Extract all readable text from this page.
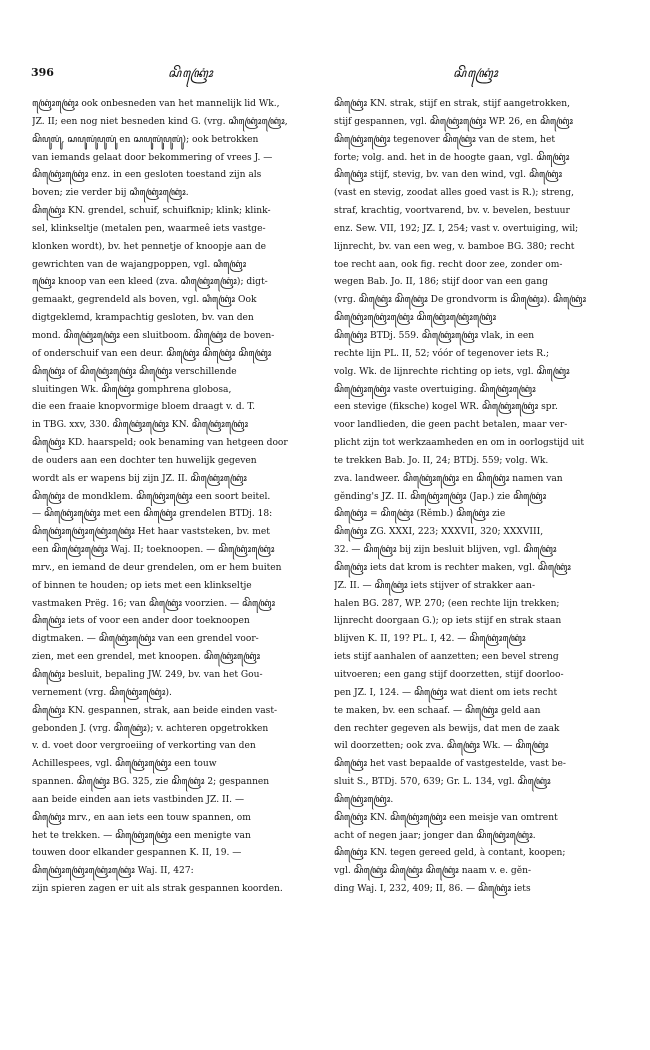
396	ꦱꦼꦏꦿꦺꦴꦁ	ꦱꦼꦏꦿꦺꦴꦁ
ꦏꦿꦺꦴꦁꦏꦿꦺꦴꦁ ook onbesneden van het mannelijk lid Wk.,
JZ. II; een nog niet besneden kind G. (vrg. ꦱꦶꦏꦿꦺꦴꦁꦏꦿꦺꦴꦁ,
ꦱꦼꦥꦸꦭꦸꦁ, ꦱꦥꦸꦭꦸꦁꦥꦸꦭꦸꦁ en ꦱꦥꦸꦭꦸꦁꦥꦸꦭꦸꦁ); ook betrokken
van iemands gelaat door bekommering of vrees J. —
ꦱꦼꦏꦿꦺꦴꦁꦏꦿꦺꦴꦁ enz. in een gesloten toestand zijn als
boven; zie verder bij ꦱꦶꦏꦿꦺꦴꦁꦏꦿꦺꦴꦁ.
ꦱꦼꦏꦿꦺꦴꦁ KN. grendel, schuif, schuifknip; klink; klink-
sel, klinkseltje (metalen pen, waarmeê iets vastge-
klonken wordt), bv. het pennetje of knoopje aan de
gewrichten van de wajangpoppen, vgl. ꦱꦶꦏꦿꦺꦴꦁ
ꦏꦿꦺꦴꦁ knoop van een kleed (zva. ꦱꦶꦏꦿꦺꦴꦁꦏꦿꦺꦴꦁ); digt-
gemaakt, gegrendeld als boven, vgl. ꦱꦶꦏꦿꦺꦴꦁ Ook
digtgeklemd, krampachtig gesloten, bv. van den
mond. ꦱꦼꦏꦿꦺꦴꦁꦏꦿꦺꦴꦁ een sluitboom. ꦱꦼꦏꦿꦺꦴꦁ de boven-
of onderschuif van een deur. ꦱꦼꦏꦿꦺꦴꦁ ꦱꦼꦏꦿꦺꦴꦁ ꦱꦼꦏꦿꦺꦴꦁ
ꦱꦼꦏꦿꦺꦴꦁ of ꦱꦼꦏꦿꦺꦴꦁꦏꦿꦺꦴꦁ ꦱꦼꦏꦿꦺꦴꦁ verschillende
sluitingen Wk. ꦱꦼꦏꦿꦺꦴꦁ gomphrena globosa,
die een fraaie knopvormige bloem draagt v. d. T.
in TBG. xxv, 330. ꦱꦼꦏꦿꦺꦴꦁꦏꦿꦺꦴꦁ KN. ꦱꦼꦏꦿꦺꦴꦁꦏꦿꦺꦴꦁ
ꦱꦼꦏꦿꦺꦴꦁ KD. haarspeld; ook benaming van hetgeen door
de ouders aan een dochter ten huwelijk gegeven
wordt als er wapens bij zijn JZ. II. ꦱꦼꦏꦿꦺꦴꦁꦏꦿꦺꦴꦁ
ꦱꦼꦏꦿꦺꦴꦁ de mondklem. ꦱꦼꦏꦿꦺꦴꦁꦏꦿꦺꦴꦁ een soort beitel.
— ꦱꦼꦏꦿꦺꦴꦁꦏꦿꦺꦴꦁ met een ꦱꦼꦏꦿꦺꦴꦁ grendelen BTDj. 18:
ꦱꦼꦏꦿꦺꦴꦁꦏꦿꦺꦴꦁꦏꦿꦺꦴꦁꦏꦿꦺꦴꦁ Het haar vaststeken, bv. met
een ꦱꦼꦏꦿꦺꦴꦁꦏꦿꦺꦴꦁ Waj. II; toeknoopen. — ꦱꦼꦏꦿꦺꦴꦁꦏꦿꦺꦴꦁ
mrv., en iemand de deur grendelen, om er hem buiten
of binnen te houden; op iets met een klinkseltje
vastmaken Prëg. 16; van ꦱꦼꦏꦿꦺꦴꦁ voorzien. — ꦱꦼꦏꦿꦺꦴꦁ
ꦱꦼꦏꦿꦺꦴꦁ iets of voor een ander door toeknoopen
digtmaken. — ꦱꦼꦏꦿꦺꦴꦁꦏꦿꦺꦴꦁ van een grendel voor-
zien, met een grendel, met knoopen. ꦱꦼꦏꦿꦺꦴꦁꦏꦿꦺꦴꦁ
ꦱꦼꦏꦿꦺꦴꦁ besluit, bepaling JW. 249, bv. van het Gou-
vernement (vrg. ꦱꦼꦏꦿꦺꦴꦁꦏꦿꦺꦴꦁ).
ꦱꦼꦏꦿꦺꦴꦁ KN. gespannen, strak, aan beide einden vast-
gebonden J. (vrg. ꦱꦼꦏꦿꦺꦴꦁ); v. achteren opgetrokken
v. d. voet door vergroeiing of verkorting van den
Achillespees, vgl. ꦱꦼꦏꦿꦺꦴꦁꦏꦿꦺꦴꦁ een touw
spannen. ꦱꦼꦏꦿꦺꦴꦁ BG. 325, zie ꦱꦼꦏꦿꦺꦴꦁ 2; gespannen
aan beide einden aan iets vastbinden JZ. II. —
ꦱꦼꦏꦿꦺꦴꦁ mrv., en aan iets een touw spannen, om
het te trekken. — ꦱꦼꦏꦿꦺꦴꦁꦏꦿꦺꦴꦁ een menigte van
touwen door elkander gespannen K. II, 19. —
ꦱꦼꦏꦿꦺꦴꦁꦏꦿꦺꦴꦁꦏꦿꦺꦴꦁꦏꦿꦺꦴꦁ Waj. II, 427:
zijn spieren zagen er uit als strak gespannen koorden.
ꦱꦼꦏꦿꦺꦴꦁ KN. strak, stijf en strak, stijf aangetrokken,
stijf gespannen, vgl. ꦱꦼꦏꦿꦺꦴꦁꦏꦿꦺꦴꦁ WP. 26, en ꦱꦼꦏꦿꦺꦴꦁ
ꦱꦼꦏꦿꦺꦴꦁꦏꦿꦺꦴꦁ tegenover ꦱꦼꦏꦿꦺꦴꦁ van de stem, het
forte; volg. and. het in de hoogte gaan, vgl. ꦱꦼꦏꦿꦺꦴꦁ
ꦱꦼꦏꦿꦺꦴꦁ stijf, stevig, bv. van den wind, vgl. ꦱꦼꦏꦿꦺꦴꦁ
(vast en stevig, zoodat alles goed vast is R.); streng,
straf, krachtig, voortvarend, bv. v. bevelen, bestuur
enz. Sew. VII, 192; JZ. I, 254; vast v. overtuiging, wil;
lijnrecht, bv. van een weg, v. bamboe BG. 380; recht
toe recht aan, ook fig. recht door zee, zonder om-
wegen Bab. Jo. II, 186; stijf door van een gang
(vrg. ꦱꦼꦏꦿꦺꦴꦁ ꦱꦼꦏꦿꦺꦴꦁ De grondvorm is ꦱꦼꦏꦿꦺꦴꦁ). ꦱꦼꦏꦿꦺꦴꦁ
ꦱꦼꦏꦿꦺꦴꦁꦏꦿꦺꦴꦁꦏꦿꦺꦴꦁ ꦱꦼꦏꦿꦺꦴꦁꦏꦿꦺꦴꦁꦏꦿꦺꦴꦁ
ꦱꦼꦏꦿꦺꦴꦁ BTDj. 559. ꦱꦼꦏꦿꦺꦴꦁꦏꦿꦺꦴꦁ vlak, in een
rechte lijn PL. II, 52; vóór of tegenover iets R.;
volg. Wk. de lijnrechte richting op iets, vgl. ꦱꦼꦏꦿꦺꦴꦁ
ꦱꦼꦏꦿꦺꦴꦁꦏꦿꦺꦴꦁ vaste overtuiging. ꦱꦼꦏꦿꦺꦴꦁꦏꦿꦺꦴꦁ
een stevige (fiksche) kogel WR. ꦱꦼꦏꦿꦺꦴꦁꦏꦿꦺꦴꦁ spr.
voor landlieden, die geen pacht betalen, maar ver-
plicht zijn tot werkzaamheden en om in oorlogstijd uit
te trekken Bab. Jo. II, 24; BTDj. 559; volg. Wk.
zva. landweer. ꦱꦼꦏꦿꦺꦴꦁꦏꦿꦺꦴꦁ en ꦱꦼꦏꦿꦺꦴꦁ namen van
gĕnding's JZ. II. ꦱꦼꦏꦿꦺꦴꦁꦏꦿꦺꦴꦁ (Jap.) zie ꦱꦼꦏꦿꦺꦴꦁ
ꦱꦼꦏꦿꦺꦴꦁ = ꦱꦼꦏꦿꦺꦴꦁ (Rĕmb.) ꦱꦼꦏꦿꦺꦴꦁ zie
ꦱꦼꦏꦿꦺꦴꦁ ZG. XXXI, 223; XXXVII, 320; XXXVIII,
32. — ꦱꦼꦏꦿꦺꦴꦁ bij zijn besluit blijven, vgl. ꦱꦼꦏꦿꦺꦴꦁ
ꦱꦼꦏꦿꦺꦴꦁ iets dat krom is rechter maken, vgl. ꦱꦼꦏꦿꦺꦴꦁ
JZ. II. — ꦱꦼꦏꦿꦺꦴꦁ iets stijver of strakker aan-
halen BG. 287, WP. 270; (een rechte lijn trekken;
lijnrecht doorgaan G.); op iets stijf en strak staan
blijven K. II, 19? PL. I, 42. — ꦱꦼꦏꦿꦺꦴꦁꦏꦿꦺꦴꦁ
iets stijf aanhalen of aanzetten; een bevel streng
uitvoeren; een gang stijf doorzetten, stijf doorloo-
pen JZ. I, 124. — ꦱꦼꦏꦿꦺꦴꦁ wat dient om iets recht
te maken, bv. een schaaf. — ꦱꦼꦏꦿꦺꦴꦁ geld aan
den rechter gegeven als bewijs, dat men de zaak
wil doorzetten; ook zva. ꦱꦼꦏꦿꦺꦴꦁ Wk. — ꦱꦼꦏꦿꦺꦴꦁ
ꦱꦼꦏꦿꦺꦴꦁ het vast bepaalde of vastgestelde, vast be-
sluit S., BTDj. 570, 639; Gr. L. 134, vgl. ꦱꦼꦏꦿꦺꦴꦁ
ꦱꦼꦏꦿꦺꦴꦁꦏꦿꦺꦴꦁ.
ꦱꦼꦏꦿꦺꦴꦁ KN. ꦱꦼꦏꦿꦺꦴꦁꦏꦿꦺꦴꦁ een meisje van omtrent
acht of negen jaar; jonger dan ꦱꦼꦏꦿꦺꦴꦁꦏꦿꦺꦴꦁ.
ꦱꦼꦏꦿꦺꦴꦁ KN. tegen gereed geld, à contant, koopen;
vgl. ꦱꦼꦏꦿꦺꦴꦁ ꦱꦼꦏꦿꦺꦴꦁ ꦱꦼꦏꦿꦺꦴꦁ naam v. e. gĕn-
ding Waj. I, 232, 409; II, 86. — ꦱꦼꦏꦿꦺꦴꦁ iets
